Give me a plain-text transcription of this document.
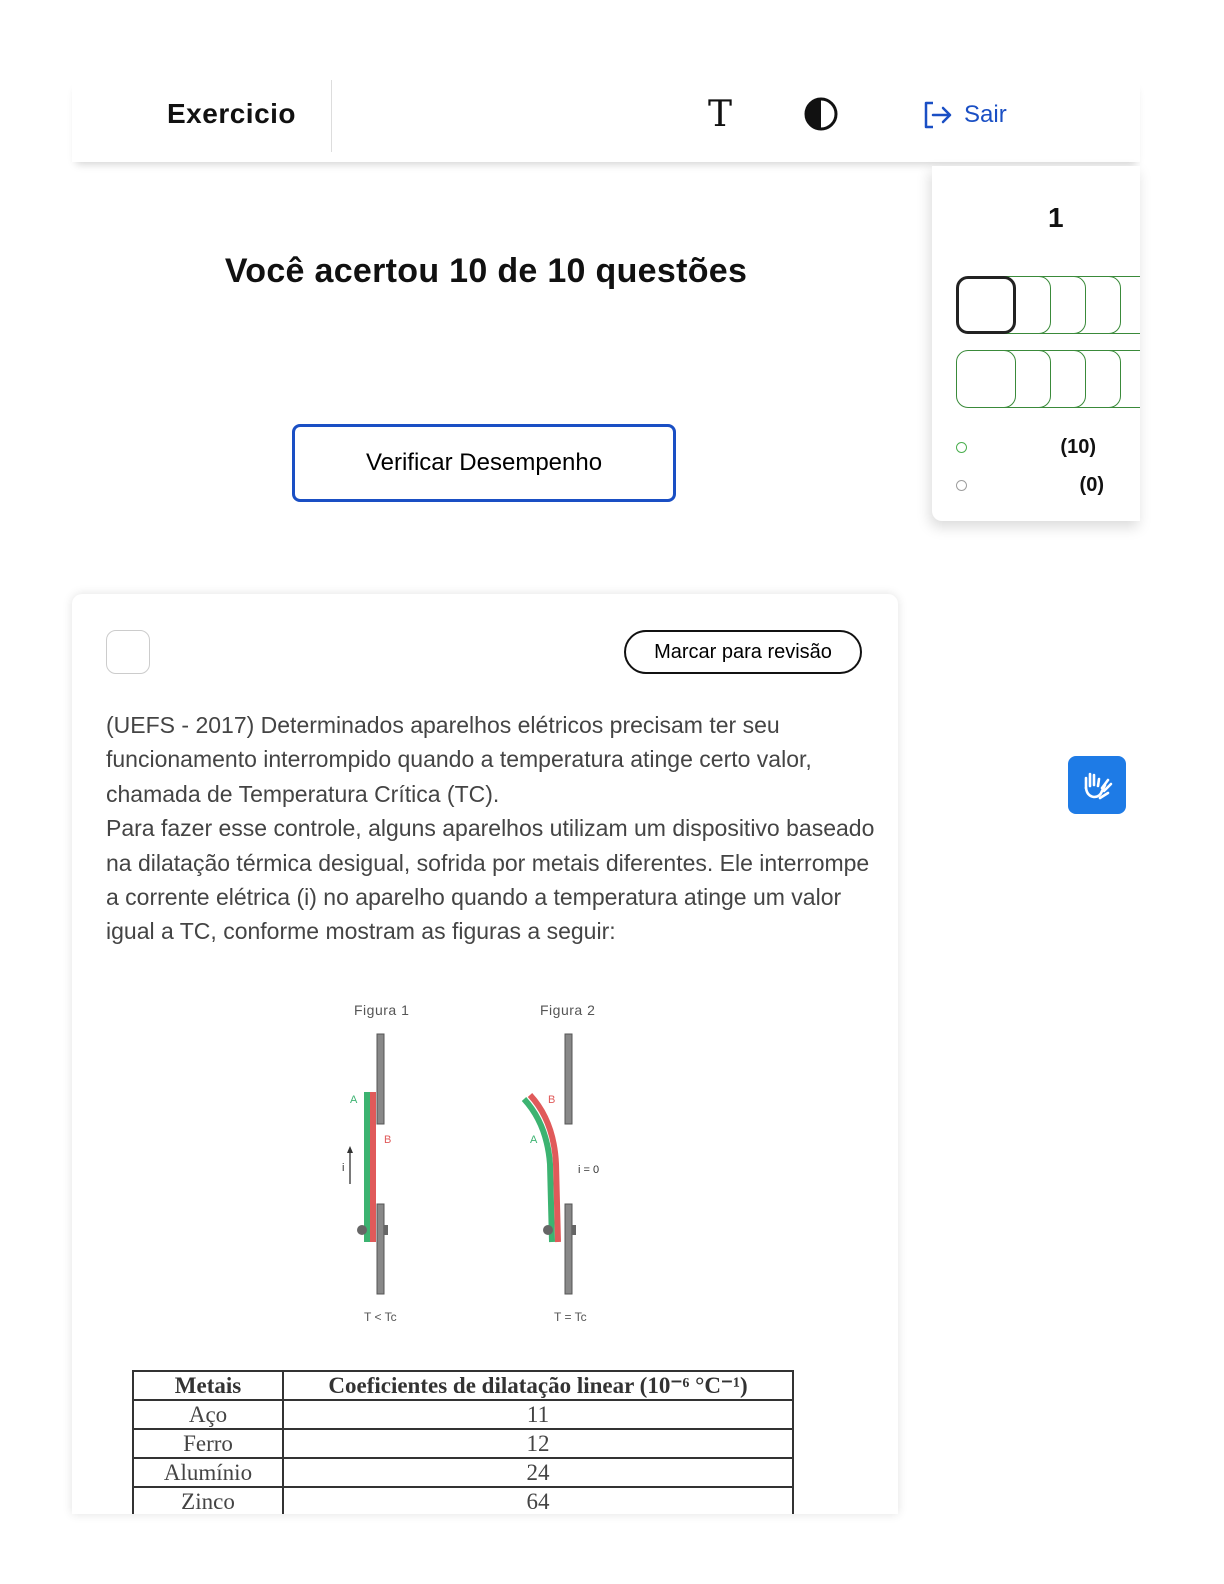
Exercicio	T	Sair
Você acertou 10 de 10 questões
Verificar Desempenho
1
(10)
(0)
Marcar para revisão

(UEFS - 2017) Determinados aparelhos elétricos precisam ter seu funcionamento interrompido quando a temperatura atinge certo valor, chamada de Temperatura Crítica (TC).

Para fazer esse controle, alguns aparelhos utilizam um dispositivo baseado na dilatação térmica desigual, sofrida por metais diferentes. Ele interrompe a corrente elétrica (i) no aparelho quando a temperatura atinge um valor igual a TC, conforme mostram as figuras a seguir:

Figura 1	Figura 2
A
B
i
A
B
i = 0
T < Tc	T = Tc
Metais	Coeficientes de dilatação linear (10⁻⁶ °C⁻¹)
Aço	11
Ferro	12
Alumínio	24
Zinco	64
